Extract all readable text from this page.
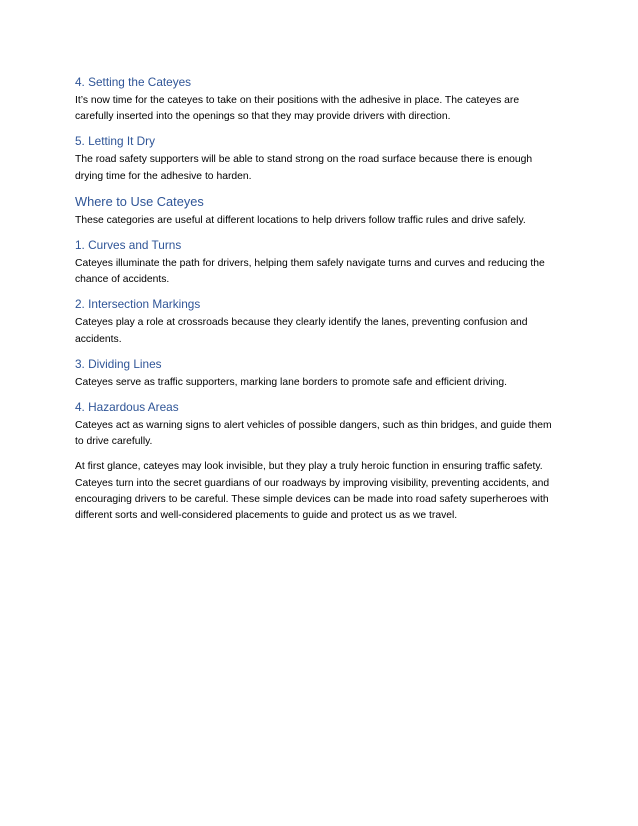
4. Setting the Cateyes

It’s now time for the cateyes to take on their positions with the adhesive in place. The cateyes are carefully inserted into the openings so that they may provide drivers with direction.

5. Letting It Dry

The road safety supporters will be able to stand strong on the road surface because there is enough drying time for the adhesive to harden.

Where to Use Cateyes

These categories are useful at different locations to help drivers follow traffic rules and drive safely.

1. Curves and Turns

Cateyes illuminate the path for drivers, helping them safely navigate turns and curves and reducing the chance of accidents.

2. Intersection Markings

Cateyes play a role at crossroads because they clearly identify the lanes, preventing confusion and accidents.

3. Dividing Lines

Cateyes serve as traffic supporters, marking lane borders to promote safe and efficient driving.

4. Hazardous Areas

Cateyes act as warning signs to alert vehicles of possible dangers, such as thin bridges, and guide them to drive carefully.

At first glance, cateyes may look invisible, but they play a truly heroic function in ensuring traffic safety. Cateyes turn into the secret guardians of our roadways by improving visibility, preventing accidents, and encouraging drivers to be careful. These simple devices can be made into road safety superheroes with different sorts and well-considered placements to guide and protect us as we travel.
